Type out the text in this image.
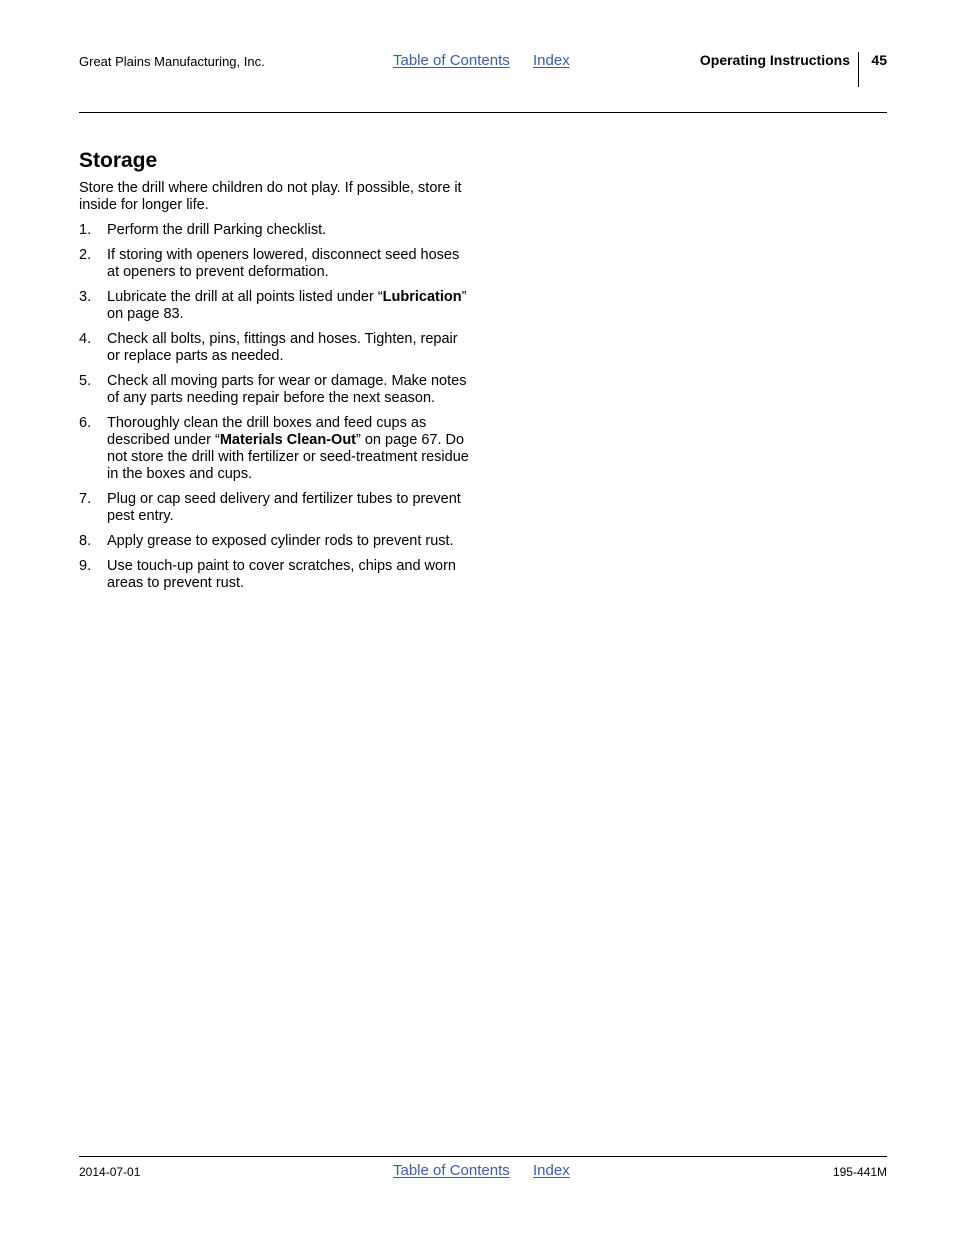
Great Plains Manufacturing, Inc.	Table of Contents Index	Operating Instructions 45
Storage

Store the drill where children do not play. If possible, store it inside for longer life.

1. Perform the drill Parking checklist.
2. If storing with openers lowered, disconnect seed hoses at openers to prevent deformation.
3. Lubricate the drill at all points listed under “Lubrication” on page 83.
4. Check all bolts, pins, fittings and hoses. Tighten, repair or replace parts as needed.
5. Check all moving parts for wear or damage. Make notes of any parts needing repair before the next season.
6. Thoroughly clean the drill boxes and feed cups as described under “Materials Clean-Out” on page 67. Do not store the drill with fertilizer or seed-treatment residue in the boxes and cups.
7. Plug or cap seed delivery and fertilizer tubes to prevent pest entry.
8. Apply grease to exposed cylinder rods to prevent rust.
9. Use touch-up paint to cover scratches, chips and worn areas to prevent rust.
2014-07-01	Table of Contents Index	195-441M
